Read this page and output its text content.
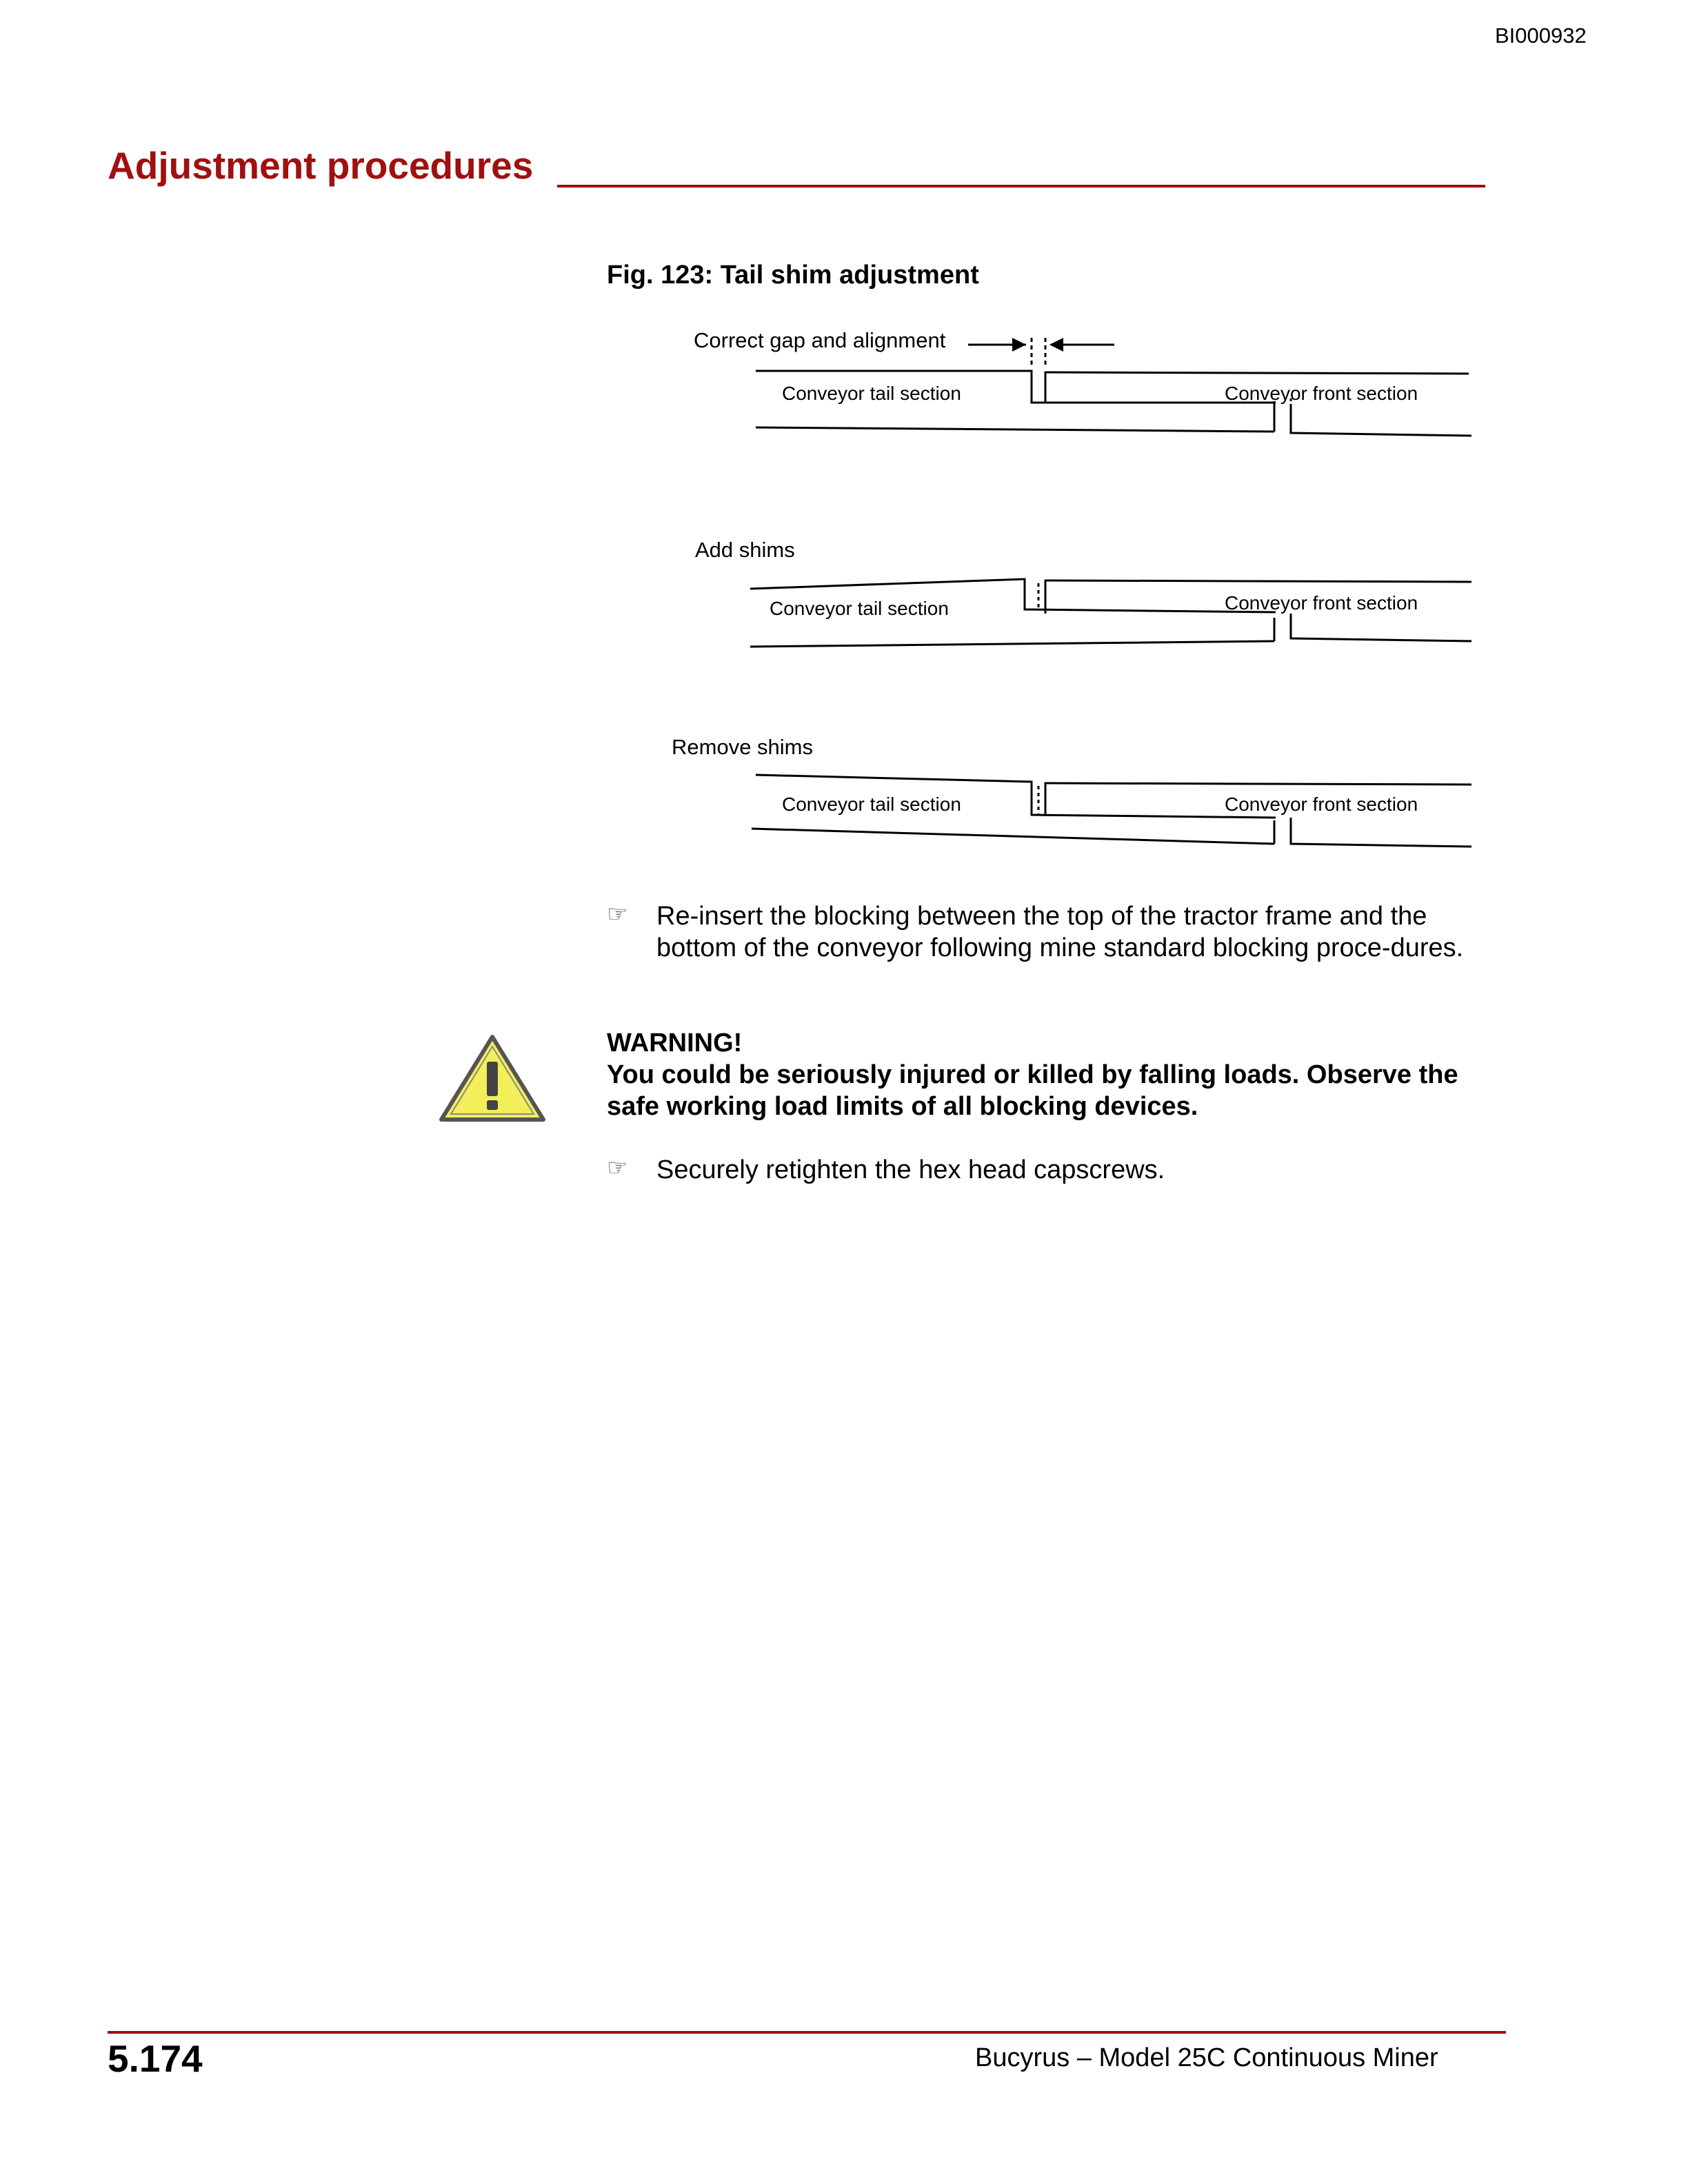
BI000932
Adjustment procedures
Fig. 123: Tail shim adjustment
Correct gap and alignment
Conveyor tail section	Conveyor front section
Add shims
Conveyor tail section	Conveyor front section
Remove shims
Conveyor tail section	Conveyor front section
☞ Re-insert the blocking between the top of the tractor frame and the bottom of the conveyor following mine standard blocking proce-dures.
WARNING!
You could be seriously injured or killed by falling loads. Observe the safe working load limits of all blocking devices.
☞ Securely retighten the hex head capscrews.
5.174	Bucyrus – Model 25C Continuous Miner
